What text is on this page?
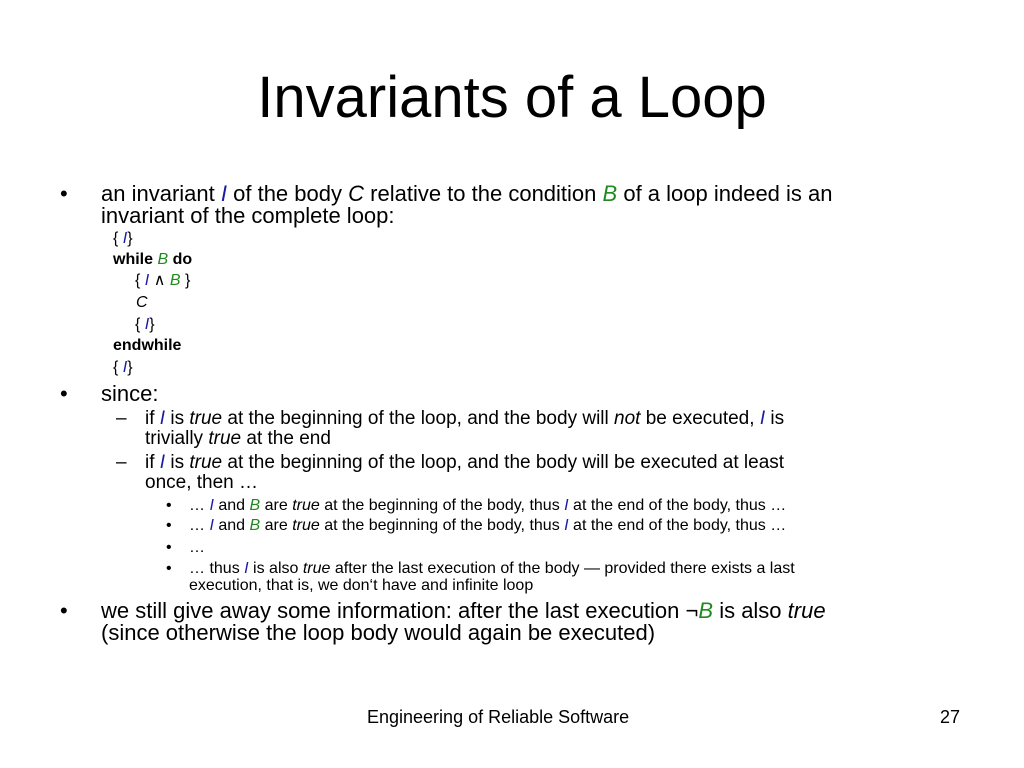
Invariants of a Loop
• an invariant I of the body C relative to the condition B of a loop indeed is an
invariant of the complete loop:
{ I}
while B do
{ I ∧ B }
C
{ I}
endwhile
{ I}
• since:
– if I is true at the beginning of the loop, and the body will not be executed, I is
trivially true at the end
– if I is true at the beginning of the loop, and the body will be executed at least
once, then …
• … I and B are true at the beginning of the body, thus I at the end of the body, thus …
• … I and B are true at the beginning of the body, thus I at the end of the body, thus …
• …
• … thus I is also true after the last execution of the body — provided there exists a last
execution, that is, we don‘t have and infinite loop
• we still give away some information: after the last execution ¬B is also true
(since otherwise the loop body would again be executed)
Engineering of Reliable Software	27
